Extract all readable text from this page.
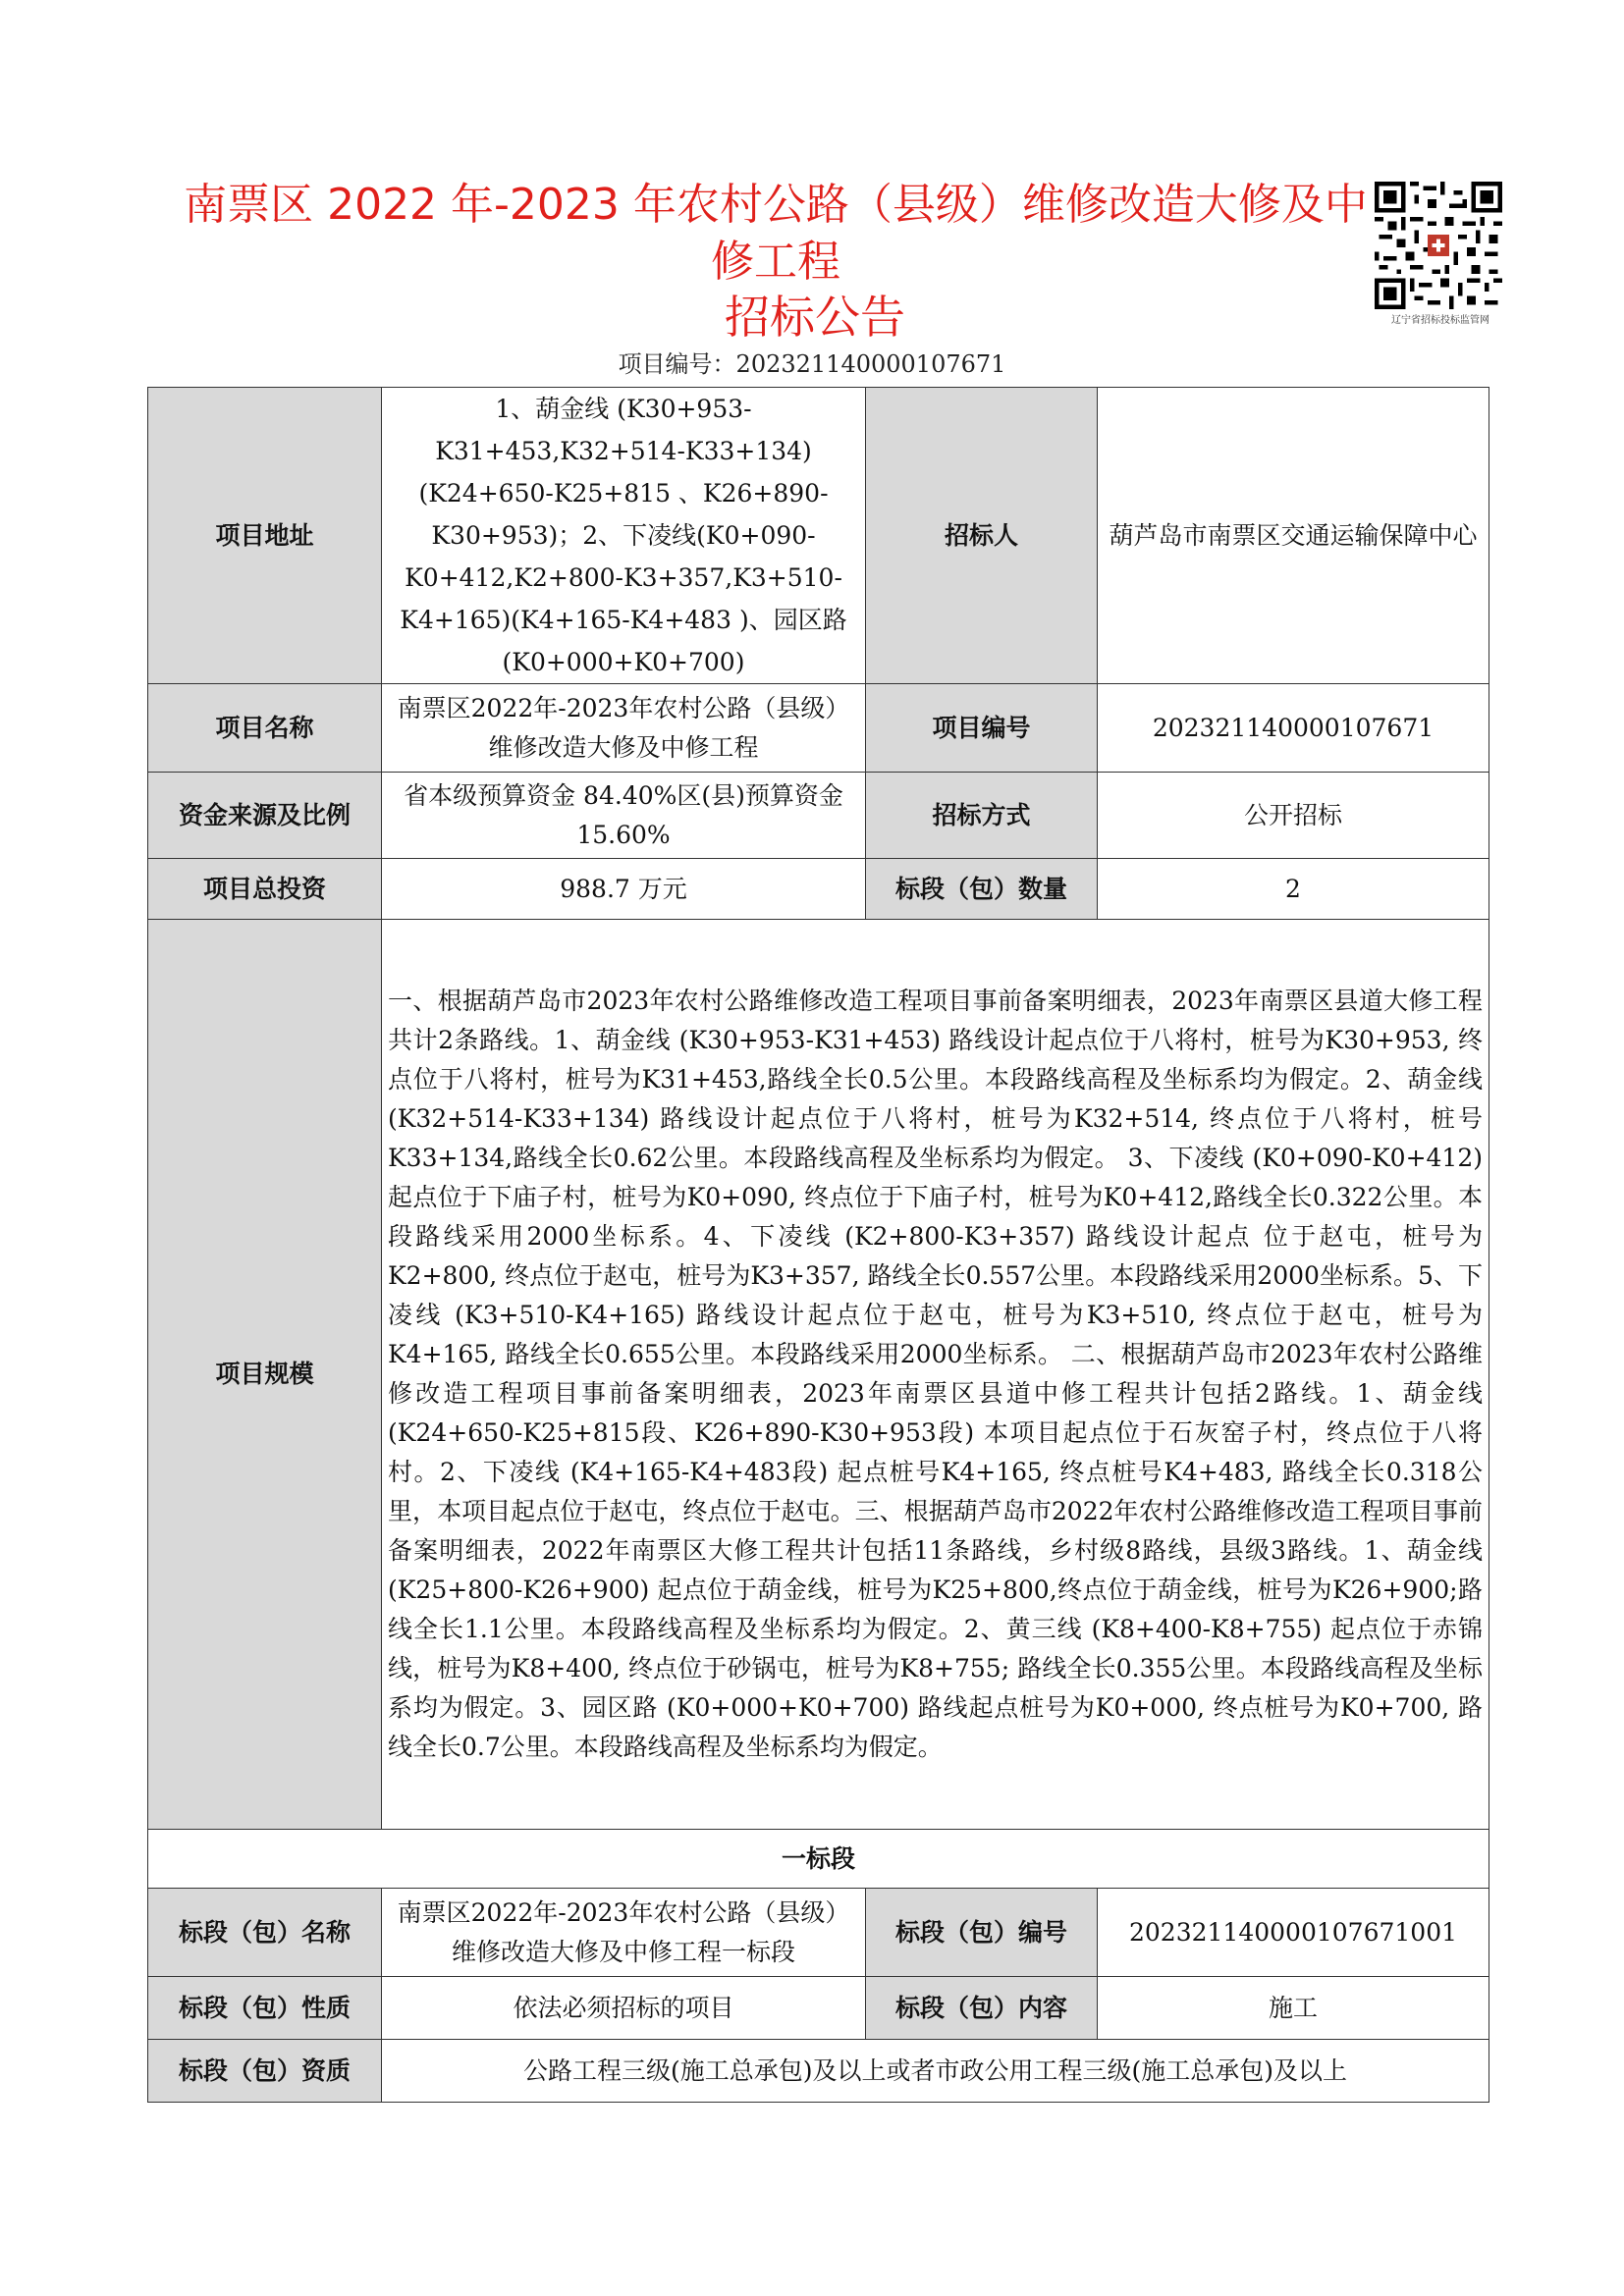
南票区 2022 年-2023 年农村公路（县级）维修改造大修及中修工程
招标公告	辽宁省招标投标监管网
项目编号：202321140000107671
项目地址	1、葫金线 (K30+953-K31+453,K32+514-K33+134) (K24+650-K25+815 、K26+890-K30+953)；2、下凌线(K0+090-K0+412,K2+800-K3+357,K3+510-K4+165)(K4+165-K4+483 )、园区路 (K0+000+K0+700)	招标人	葫芦岛市南票区交通运输保障中心
项目名称	南票区2022年-2023年农村公路（县级）维修改造大修及中修工程	项目编号	202321140000107671
资金来源及比例	省本级预算资金 84.40%区(县)预算资金 15.60%	招标方式	公开招标
项目总投资	988.7 万元	标段（包）数量	2
项目规模	一、根据葫芦岛市2023年农村公路维修改造工程项目事前备案明细表，2023年南票区县道大修工程共计2条路线。1、葫金线 (K30+953-K31+453) 路线设计起点位于八将村，桩号为K30+953, 终点位于八将村，桩号为K31+453,路线全长0.5公里。本段路线高程及坐标系均为假定。2、葫金线 (K32+514-K33+134) 路线设计起点位于八将村，桩号为K32+514, 终点位于八将村，桩号K33+134,路线全长0.62公里。本段路线高程及坐标系均为假定。 3、下凌线 (K0+090-K0+412) 起点位于下庙子村，桩号为K0+090, 终点位于下庙子村，桩号为K0+412,路线全长0.322公里。本段路线采用2000坐标系。4、下凌线 (K2+800-K3+357) 路线设计起点 位于赵屯，桩号为K2+800, 终点位于赵屯，桩号为K3+357, 路线全长0.557公里。本段路线采用2000坐标系。5、下凌线 (K3+510-K4+165) 路线设计起点位于赵屯，桩号为K3+510, 终点位于赵屯，桩号为K4+165, 路线全长0.655公里。本段路线采用2000坐标系。 二、根据葫芦岛市2023年农村公路维修改造工程项目事前备案明细表，2023年南票区县道中修工程共计包括2路线。1、葫金线 (K24+650-K25+815段、K26+890-K30+953段) 本项目起点位于石灰窑子村，终点位于八将村。2、下凌线 (K4+165-K4+483段) 起点桩号K4+165, 终点桩号K4+483, 路线全长0.318公里，本项目起点位于赵屯，终点位于赵屯。三、根据葫芦岛市2022年农村公路维修改造工程项目事前备案明细表，2022年南票区大修工程共计包括11条路线，乡村级8路线，县级3路线。1、葫金线 (K25+800-K26+900) 起点位于葫金线，桩号为K25+800,终点位于葫金线，桩号为K26+900;路线全长1.1公里。本段路线高程及坐标系均为假定。2、黄三线 (K8+400-K8+755) 起点位于赤锦线，桩号为K8+400, 终点位于砂锅屯，桩号为K8+755; 路线全长0.355公里。本段路线高程及坐标系均为假定。3、园区路 (K0+000+K0+700) 路线起点桩号为K0+000, 终点桩号为K0+700, 路线全长0.7公里。本段路线高程及坐标系均为假定。		
一标段			
标段（包）名称	南票区2022年-2023年农村公路（县级）维修改造大修及中修工程一标段	标段（包）编号	202321140000107671001
标段（包）性质	依法必须招标的项目	标段（包）内容	施工
标段（包）资质	公路工程三级(施工总承包)及以上或者市政公用工程三级(施工总承包)及以上		
